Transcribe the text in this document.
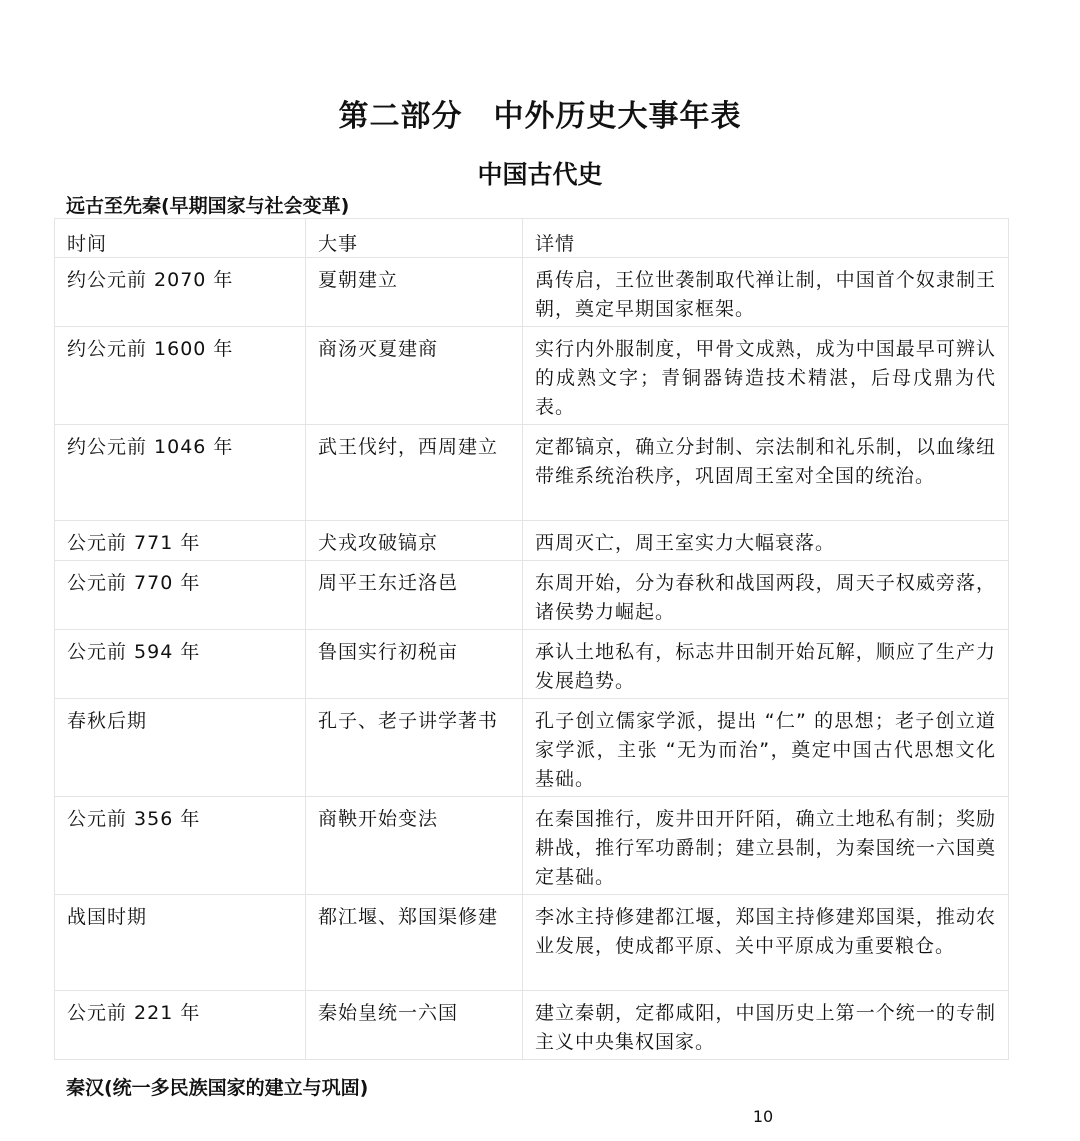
第二部分　中外历史大事年表
中国古代史
远古至先秦(早期国家与社会变革)
时间	大事	详情
约公元前 2070 年	夏朝建立	禹传启，王位世袭制取代禅让制，中国首个奴隶制王朝，奠定早期国家框架。
约公元前 1600 年	商汤灭夏建商	实行内外服制度，甲骨文成熟，成为中国最早可辨认的成熟文字；青铜器铸造技术精湛，后母戊鼎为代表。
约公元前 1046 年	武王伐纣，西周建立	定都镐京，确立分封制、宗法制和礼乐制，以血缘纽带维系统治秩序，巩固周王室对全国的统治。
公元前 771 年	犬戎攻破镐京	西周灭亡，周王室实力大幅衰落。
公元前 770 年	周平王东迁洛邑	东周开始，分为春秋和战国两段，周天子权威旁落，诸侯势力崛起。
公元前 594 年	鲁国实行初税亩	承认土地私有，标志井田制开始瓦解，顺应了生产力发展趋势。
春秋后期	孔子、老子讲学著书	孔子创立儒家学派，提出 “仁” 的思想；老子创立道家学派，主张 “无为而治”，奠定中国古代思想文化基础。
公元前 356 年	商鞅开始变法	在秦国推行，废井田开阡陌，确立土地私有制；奖励耕战，推行军功爵制；建立县制，为秦国统一六国奠定基础。
战国时期	都江堰、郑国渠修建	李冰主持修建都江堰，郑国主持修建郑国渠，推动农业发展，使成都平原、关中平原成为重要粮仓。
公元前 221 年	秦始皇统一六国	建立秦朝，定都咸阳，中国历史上第一个统一的专制主义中央集权国家。
秦汉(统一多民族国家的建立与巩固)
10
